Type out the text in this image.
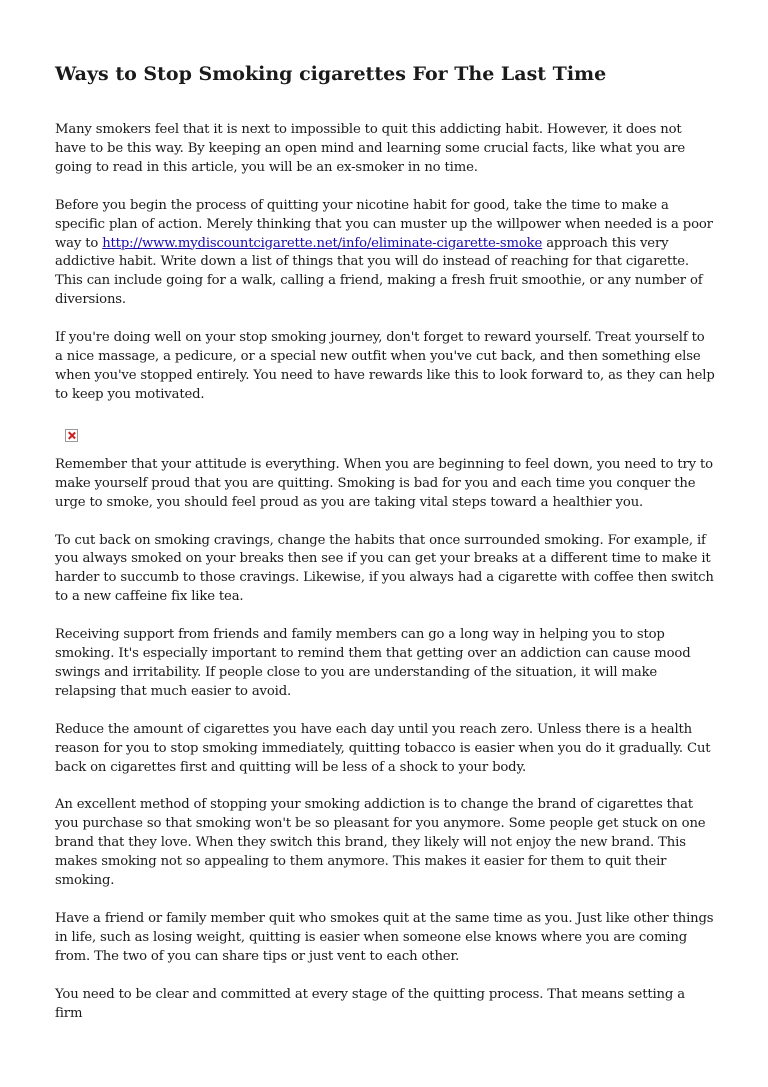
Ways to Stop Smoking cigarettes For The Last Time

Many smokers feel that it is next to impossible to quit this addicting habit. However, it does not have to be this way. By keeping an open mind and learning some crucial facts, like what you are going to read in this article, you will be an ex-smoker in no time.

Before you begin the process of quitting your nicotine habit for good, take the time to make a specific plan of action. Merely thinking that you can muster up the willpower when needed is a poor way to http://www.mydiscountcigarette.net/info/eliminate-cigarette-smoke approach this very addictive habit. Write down a list of things that you will do instead of reaching for that cigarette. This can include going for a walk, calling a friend, making a fresh fruit smoothie, or any number of diversions.

If you're doing well on your stop smoking journey, don't forget to reward yourself. Treat yourself to a nice massage, a pedicure, or a special new outfit when you've cut back, and then something else when you've stopped entirely. You need to have rewards like this to look forward to, as they can help to keep you motivated.

Remember that your attitude is everything. When you are beginning to feel down, you need to try to make yourself proud that you are quitting. Smoking is bad for you and each time you conquer the urge to smoke, you should feel proud as you are taking vital steps toward a healthier you.

To cut back on smoking cravings, change the habits that once surrounded smoking. For example, if you always smoked on your breaks then see if you can get your breaks at a different time to make it harder to succumb to those cravings. Likewise, if you always had a cigarette with coffee then switch to a new caffeine fix like tea.

Receiving support from friends and family members can go a long way in helping you to stop smoking. It's especially important to remind them that getting over an addiction can cause mood swings and irritability. If people close to you are understanding of the situation, it will make relapsing that much easier to avoid.

Reduce the amount of cigarettes you have each day until you reach zero. Unless there is a health reason for you to stop smoking immediately, quitting tobacco is easier when you do it gradually. Cut back on cigarettes first and quitting will be less of a shock to your body.

An excellent method of stopping your smoking addiction is to change the brand of cigarettes that you purchase so that smoking won't be so pleasant for you anymore. Some people get stuck on one brand that they love. When they switch this brand, they likely will not enjoy the new brand. This makes smoking not so appealing to them anymore. This makes it easier for them to quit their smoking.

Have a friend or family member quit who smokes quit at the same time as you. Just like other things in life, such as losing weight, quitting is easier when someone else knows where you are coming from. The two of you can share tips or just vent to each other.

You need to be clear and committed at every stage of the quitting process. That means setting a firm
